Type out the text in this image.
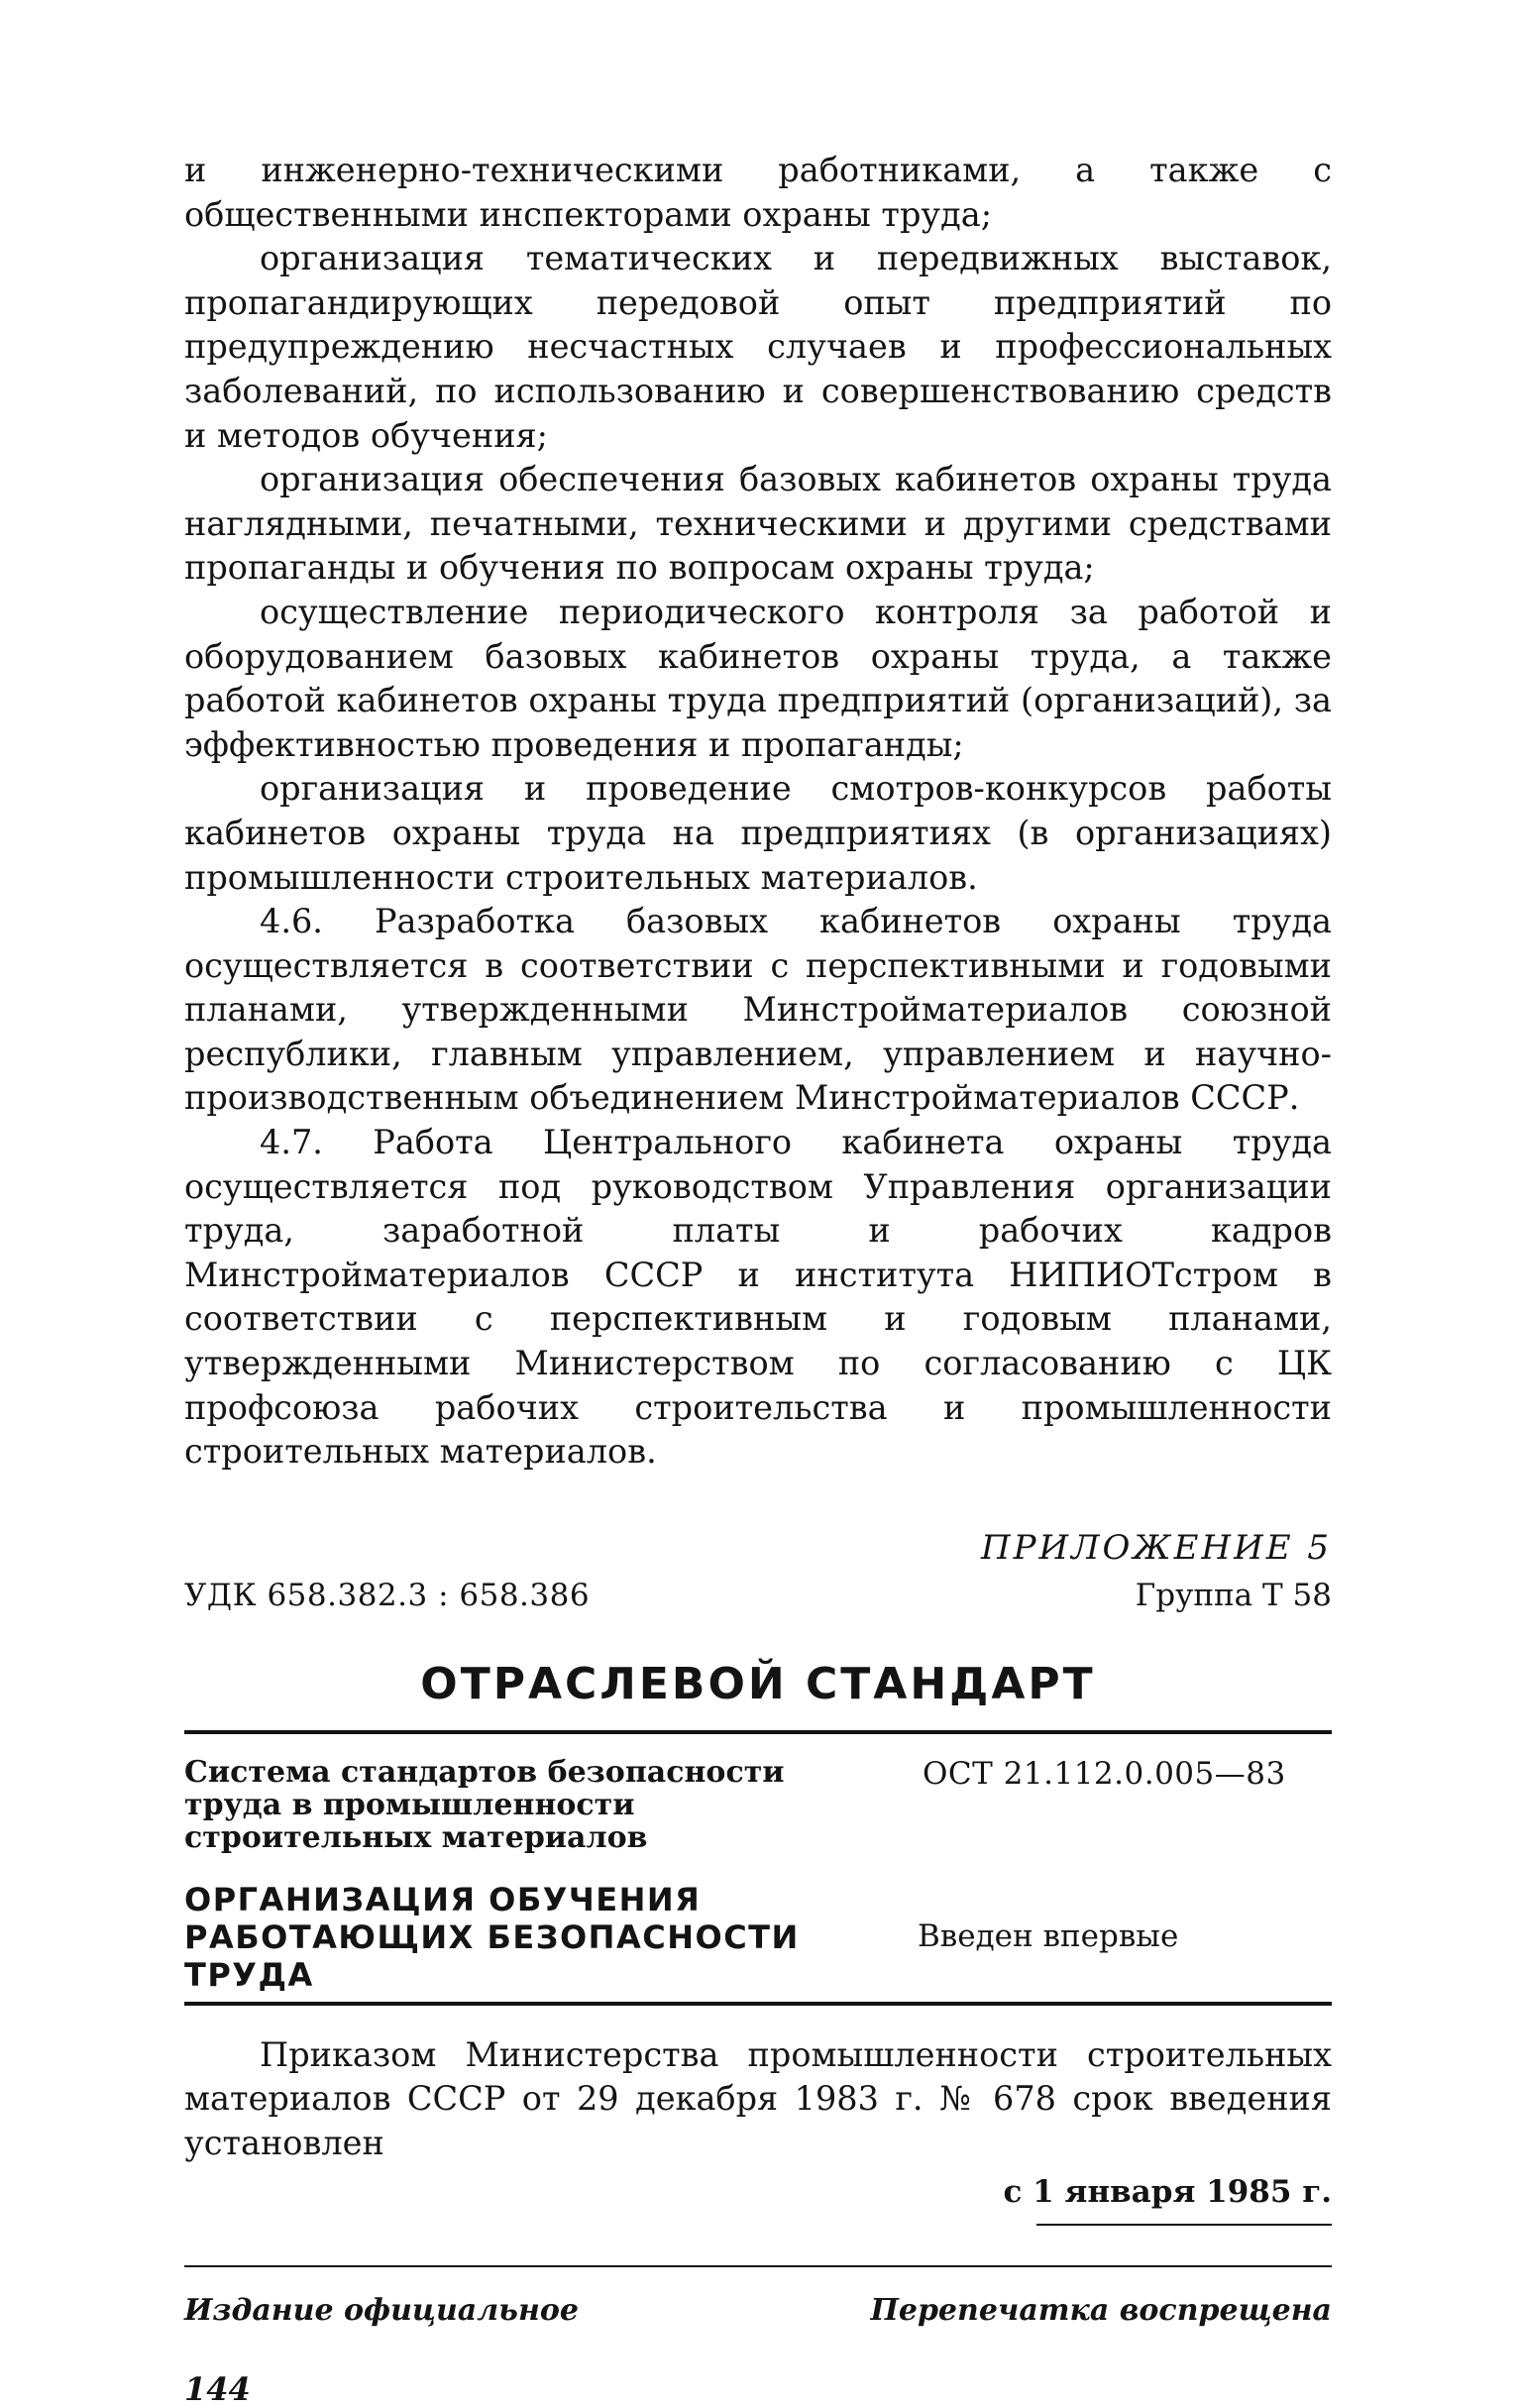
и инженерно-техническими работниками, а также с общественными инспекторами охраны труда;

организация тематических и передвижных выставок, пропагандирующих передовой опыт предприятий по предупреждению несчастных случаев и профессиональных заболеваний, по использованию и совершенствованию средств и методов обучения;

организация обеспечения базовых кабинетов охраны труда наглядными, печатными, техническими и другими средствами пропаганды и обучения по вопросам охраны труда;

осуществление периодического контроля за работой и оборудованием базовых кабинетов охраны труда, а также работой кабинетов охраны труда предприятий (организаций), за эффективностью проведения и пропаганды;

организация и проведение смотров-конкурсов работы кабинетов охраны труда на предприятиях (в организациях) промышленности строительных материалов.

4.6. Разработка базовых кабинетов охраны труда осуществляется в соответствии с перспективными и годовыми планами, утвержденными Минстройматериалов союзной республики, главным управлением, управлением и научно-производственным объединением Минстройматериалов СССР.

4.7. Работа Центрального кабинета охраны труда осуществляется под руководством Управления организации труда, заработной платы и рабочих кадров Минстройматериалов СССР и института НИПИОТстром в соответствии с перспективным и годовым планами, утвержденными Министерством по согласованию с ЦК профсоюза рабочих строительства и промышленности строительных материалов.

ПРИЛОЖЕНИЕ 5
УДК 658.382.3 : 658.386	Группа Т 58
ОТРАСЛЕВОЙ СТАНДАРТ
Система стандартов безопасности труда в промышленности строительных материалов
ОСТ 21.112.0.005—83
ОРГАНИЗАЦИЯ ОБУЧЕНИЯ РАБОТАЮЩИХ БЕЗОПАСНОСТИ ТРУДА
Введен впервые

Приказом Министерства промышленности строительных материалов СССР от 29 декабря 1983 г. № 678 срок введения установлен

с 1 января 1985 г.
Издание официальное	Перепечатка воспрещена
144
